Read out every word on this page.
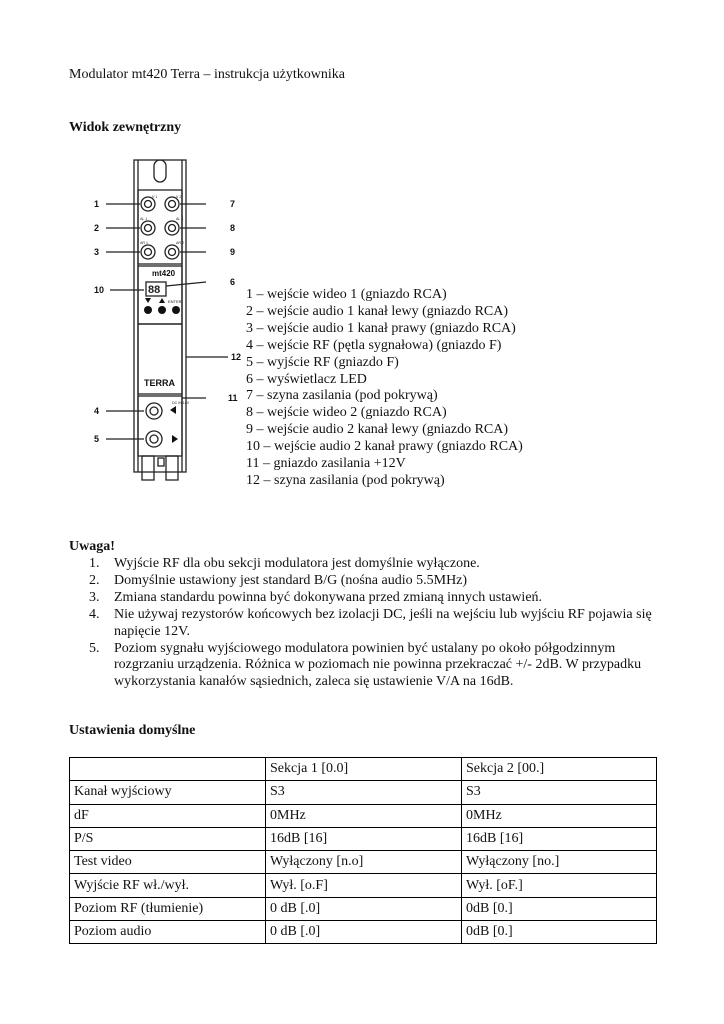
Modulator mt420 Terra – instrukcja użytkownika
Widok zewnętrzny
88
mt420
ENTER
TERRA
V 1	V 2
AL 1	AL 2
AR 1	AR 2
DC IN 12V
1
2
3
4
5
6
7
8
9
10
11
12
1 – wejście wideo 1 (gniazdo RCA)
2 – wejście audio 1 kanał lewy (gniazdo RCA)
3 – wejście audio 1 kanał prawy (gniazdo RCA)
4 – wejście RF (pętla sygnałowa) (gniazdo F)
5 – wyjście RF (gniazdo F)
6 – wyświetlacz LED
7 – szyna zasilania (pod pokrywą)
8 – wejście wideo 2 (gniazdo RCA)
9 – wejście audio 2 kanał lewy (gniazdo RCA)
10 – wejście audio 2 kanał prawy (gniazdo RCA)
11 – gniazdo zasilania +12V
12 – szyna zasilania (pod pokrywą)
Uwaga!
1. Wyjście RF dla obu sekcji modulatora jest domyślnie wyłączone.
2. Domyślnie ustawiony jest standard B/G (nośna audio 5.5MHz)
3. Zmiana standardu powinna być dokonywana przed zmianą innych ustawień.
4. Nie używaj rezystorów końcowych bez izolacji DC, jeśli na wejściu lub wyjściu RF pojawia się napięcie 12V.
5. Poziom sygnału wyjściowego modulatora powinien być ustalany po około półgodzinnym rozgrzaniu urządzenia. Różnica w poziomach nie powinna przekraczać +/- 2dB. W przypadku wykorzystania kanałów sąsiednich, zaleca się ustawienie V/A na 16dB.
Ustawienia domyślne
	Sekcja 1 [0.0]	Sekcja 2 [00.]
Kanał wyjściowy	S3	S3
dF	0MHz	0MHz
P/S	16dB [16]	16dB [16]
Test video	Wyłączony [n.o]	Wyłączony [no.]
Wyjście RF wł./wył.	Wył. [o.F]	Wył. [oF.]
Poziom RF (tłumienie)	0 dB [.0]	0dB [0.]
Poziom audio	0 dB [.0]	0dB [0.]
